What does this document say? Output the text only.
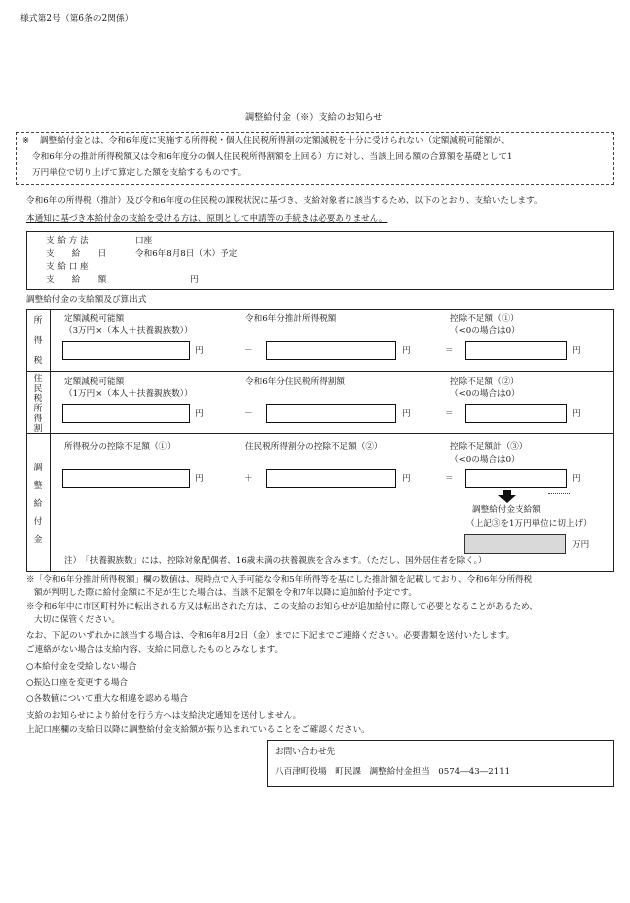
様式第2号（第6条の2関係）
調整給付金（※）支給のお知らせ
※ 調整給付金とは、令和6年度に実施する所得税・個人住民税所得割の定額減税を十分に受けられない（定額減税可能額が、
令和6年分の推計所得税額又は令和6年度分の個人住民税所得割額を上回る）方に対し、当該上回る額の合算額を基礎として1
万円単位で切り上げて算定した額を支給するものです。
令和6年の所得税（推計）及び令和6年度の住民税の課税状況に基づき、支給対象者に該当するため、以下のとおり、支給いたします。
本通知に基づき本給付金の支給を受ける方は、原則として申請等の手続きは必要ありません。
支 給 方 法	口座
支　　給　　日	令和6年8月8日（木）予定
支 給 口 座
支　　給　　額	円
調整給付金の支給額及び算出式
所
得
税
定額減税可能額
（3万円×（本人＋扶養親族数））
令和6年分推計所得税額	控除不足額（①）
（<0の場合は0）
円	－	円	＝	円
住
民
税
所
得
割
定額減税可能額
（1万円×（本人＋扶養親族数））
令和6年分住民税所得割額	控除不足額（②）
（<0の場合は0）
円	－	円	＝	円
調
整
給
付
金
所得税分の控除不足額（①）	住民税所得割分の控除不足額（②）	控除不足額計（③）
（<0の場合は0）
円	＋	円	＝	円
調整給付金支給額
（上記③を1万円単位に切上げ）
万円
注）　「扶養親族数」には、控除対象配偶者、16歳未満の扶養親族を含みます。（ただし、国外居住者を除く。）
※「令和6年分推計所得税額」欄の数値は、現時点で入手可能な令和5年所得等を基にした推計額を記載しており、令和6年分所得税
額が判明した際に給付金額に不足が生じた場合は、当該不足額を令和7年以降に追加給付予定です。
※令和6年中に市区町村外に転出される方又は転出された方は、この支給のお知らせが追加給付に際して必要となることがあるため、
大切に保管ください。
なお、下記のいずれかに該当する場合は、令和6年8月2日（金）までに下記までご連絡ください。必要書類を送付いたします。
ご連絡がない場合は支給内容、支給に同意したものとみなします。
○本給付金を受給しない場合
○振込口座を変更する場合
○各数値について重大な相違を認める場合
支給のお知らせにより給付を行う方へは支給決定通知を送付しません。
上記口座欄の支給日以降に調整給付金支給額が振り込まれていることをご確認ください。
お問い合わせ先
八百津町役場　町民課　調整給付金担当　0574―43―2111
